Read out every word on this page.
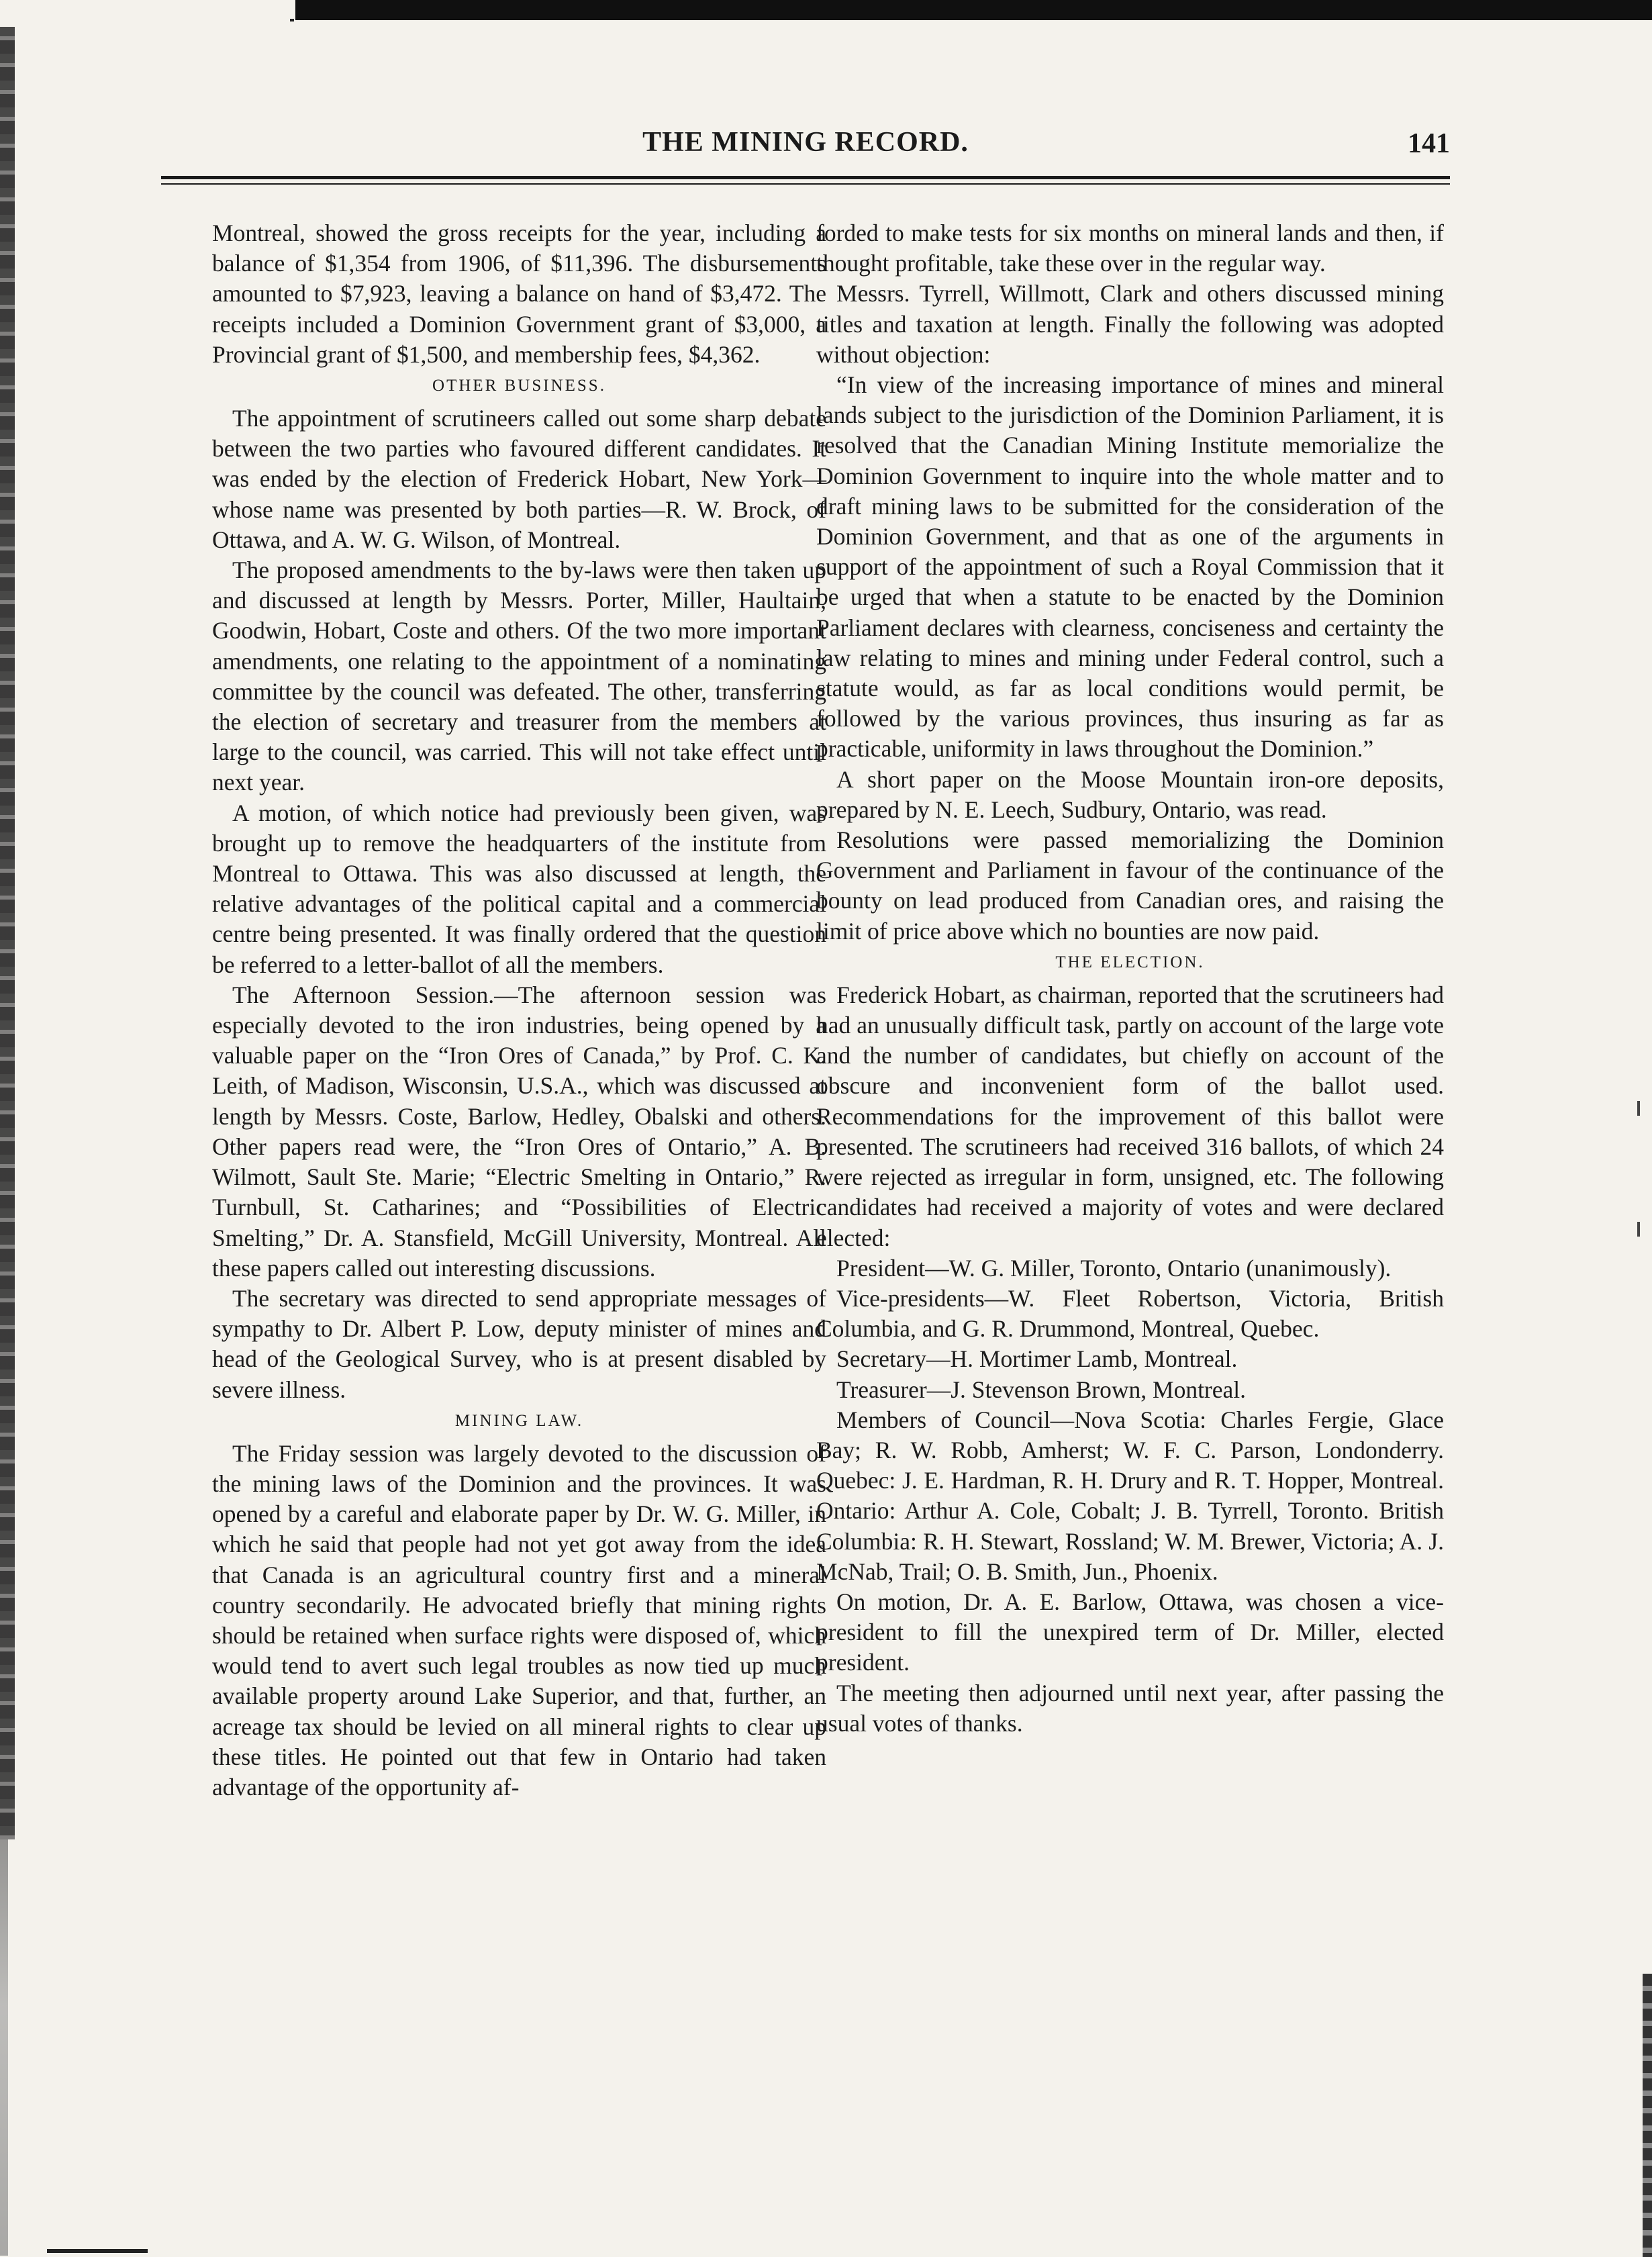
THE MINING RECORD.	141

Montreal, showed the gross receipts for the year, including a balance of $1,354 from 1906, of $11,396. The disbursements amounted to $7,923, leaving a balance on hand of $3,472. The receipts included a Dominion Government grant of $3,000, a Provincial grant of $1,500, and membership fees, $4,362.

OTHER BUSINESS.

The appointment of scrutineers called out some sharp debate between the two parties who favoured different candidates. It was ended by the election of Frederick Hobart, New York—whose name was presented by both parties—R. W. Brock, of Ottawa, and A. W. G. Wilson, of Montreal.

The proposed amendments to the by-laws were then taken up and discussed at length by Messrs. Porter, Miller, Haultain, Goodwin, Hobart, Coste and others. Of the two more important amendments, one relating to the appointment of a nominating committee by the council was defeated. The other, transferring the election of secretary and treasurer from the members at large to the council, was carried. This will not take effect until next year.

A motion, of which notice had previously been given, was brought up to remove the headquarters of the institute from Montreal to Ottawa. This was also discussed at length, the relative advantages of the political capital and a commercial centre being presented. It was finally ordered that the question be referred to a letter-ballot of all the members.

The Afternoon Session.—The afternoon session was especially devoted to the iron industries, being opened by a valuable paper on the “Iron Ores of Canada,” by Prof. C. K. Leith, of Madison, Wisconsin, U.S.A., which was discussed at length by Messrs. Coste, Barlow, Hedley, Obalski and others. Other papers read were, the “Iron Ores of Ontario,” A. B. Wilmott, Sault Ste. Marie; “Electric Smelting in Ontario,” R. Turnbull, St. Catharines; and “Possibilities of Electric Smelting,” Dr. A. Stansfield, McGill University, Montreal. All these papers called out interesting discussions.

The secretary was directed to send appropriate messages of sympathy to Dr. Albert P. Low, deputy minister of mines and head of the Geological Survey, who is at present disabled by severe illness.

MINING LAW.

The Friday session was largely devoted to the discussion of the mining laws of the Dominion and the provinces. It was opened by a careful and elaborate paper by Dr. W. G. Miller, in which he said that people had not yet got away from the idea that Canada is an agricultural country first and a mineral country secondarily. He advocated briefly that mining rights should be retained when surface rights were disposed of, which would tend to avert such legal troubles as now tied up much available property around Lake Superior, and that, further, an acreage tax should be levied on all mineral rights to clear up these titles. He pointed out that few in Ontario had taken advantage of the opportunity af-

forded to make tests for six months on mineral lands and then, if thought profitable, take these over in the regular way.

Messrs. Tyrrell, Willmott, Clark and others discussed mining titles and taxation at length. Finally the following was adopted without objection:

“In view of the increasing importance of mines and mineral lands subject to the jurisdiction of the Dominion Parliament, it is resolved that the Canadian Mining Institute memorialize the Dominion Government to inquire into the whole matter and to draft mining laws to be submitted for the consideration of the Dominion Government, and that as one of the arguments in support of the appointment of such a Royal Commission that it be urged that when a statute to be enacted by the Dominion Parliament declares with clearness, conciseness and certainty the law relating to mines and mining under Federal control, such a statute would, as far as local conditions would permit, be followed by the various provinces, thus insuring as far as practicable, uniformity in laws throughout the Dominion.”

A short paper on the Moose Mountain iron-ore deposits, prepared by N. E. Leech, Sudbury, Ontario, was read.

Resolutions were passed memorializing the Dominion Government and Parliament in favour of the continuance of the bounty on lead produced from Canadian ores, and raising the limit of price above which no bounties are now paid.

THE ELECTION.

Frederick Hobart, as chairman, reported that the scrutineers had had an unusually difficult task, partly on account of the large vote and the number of candidates, but chiefly on account of the obscure and inconvenient form of the ballot used. Recommendations for the improvement of this ballot were presented. The scrutineers had received 316 ballots, of which 24 were rejected as irregular in form, unsigned, etc. The following candidates had received a majority of votes and were declared elected:

President—W. G. Miller, Toronto, Ontario (unanimously).

Vice-presidents—W. Fleet Robertson, Victoria, British Columbia, and G. R. Drummond, Montreal, Quebec.

Secretary—H. Mortimer Lamb, Montreal.

Treasurer—J. Stevenson Brown, Montreal.

Members of Council—Nova Scotia: Charles Fergie, Glace Bay; R. W. Robb, Amherst; W. F. C. Parson, Londonderry. Quebec: J. E. Hardman, R. H. Drury and R. T. Hopper, Montreal. Ontario: Arthur A. Cole, Cobalt; J. B. Tyrrell, Toronto. British Columbia: R. H. Stewart, Rossland; W. M. Brewer, Victoria; A. J. McNab, Trail; O. B. Smith, Jun., Phoenix.

On motion, Dr. A. E. Barlow, Ottawa, was chosen a vice-president to fill the unexpired term of Dr. Miller, elected president.

The meeting then adjourned until next year, after passing the usual votes of thanks.
